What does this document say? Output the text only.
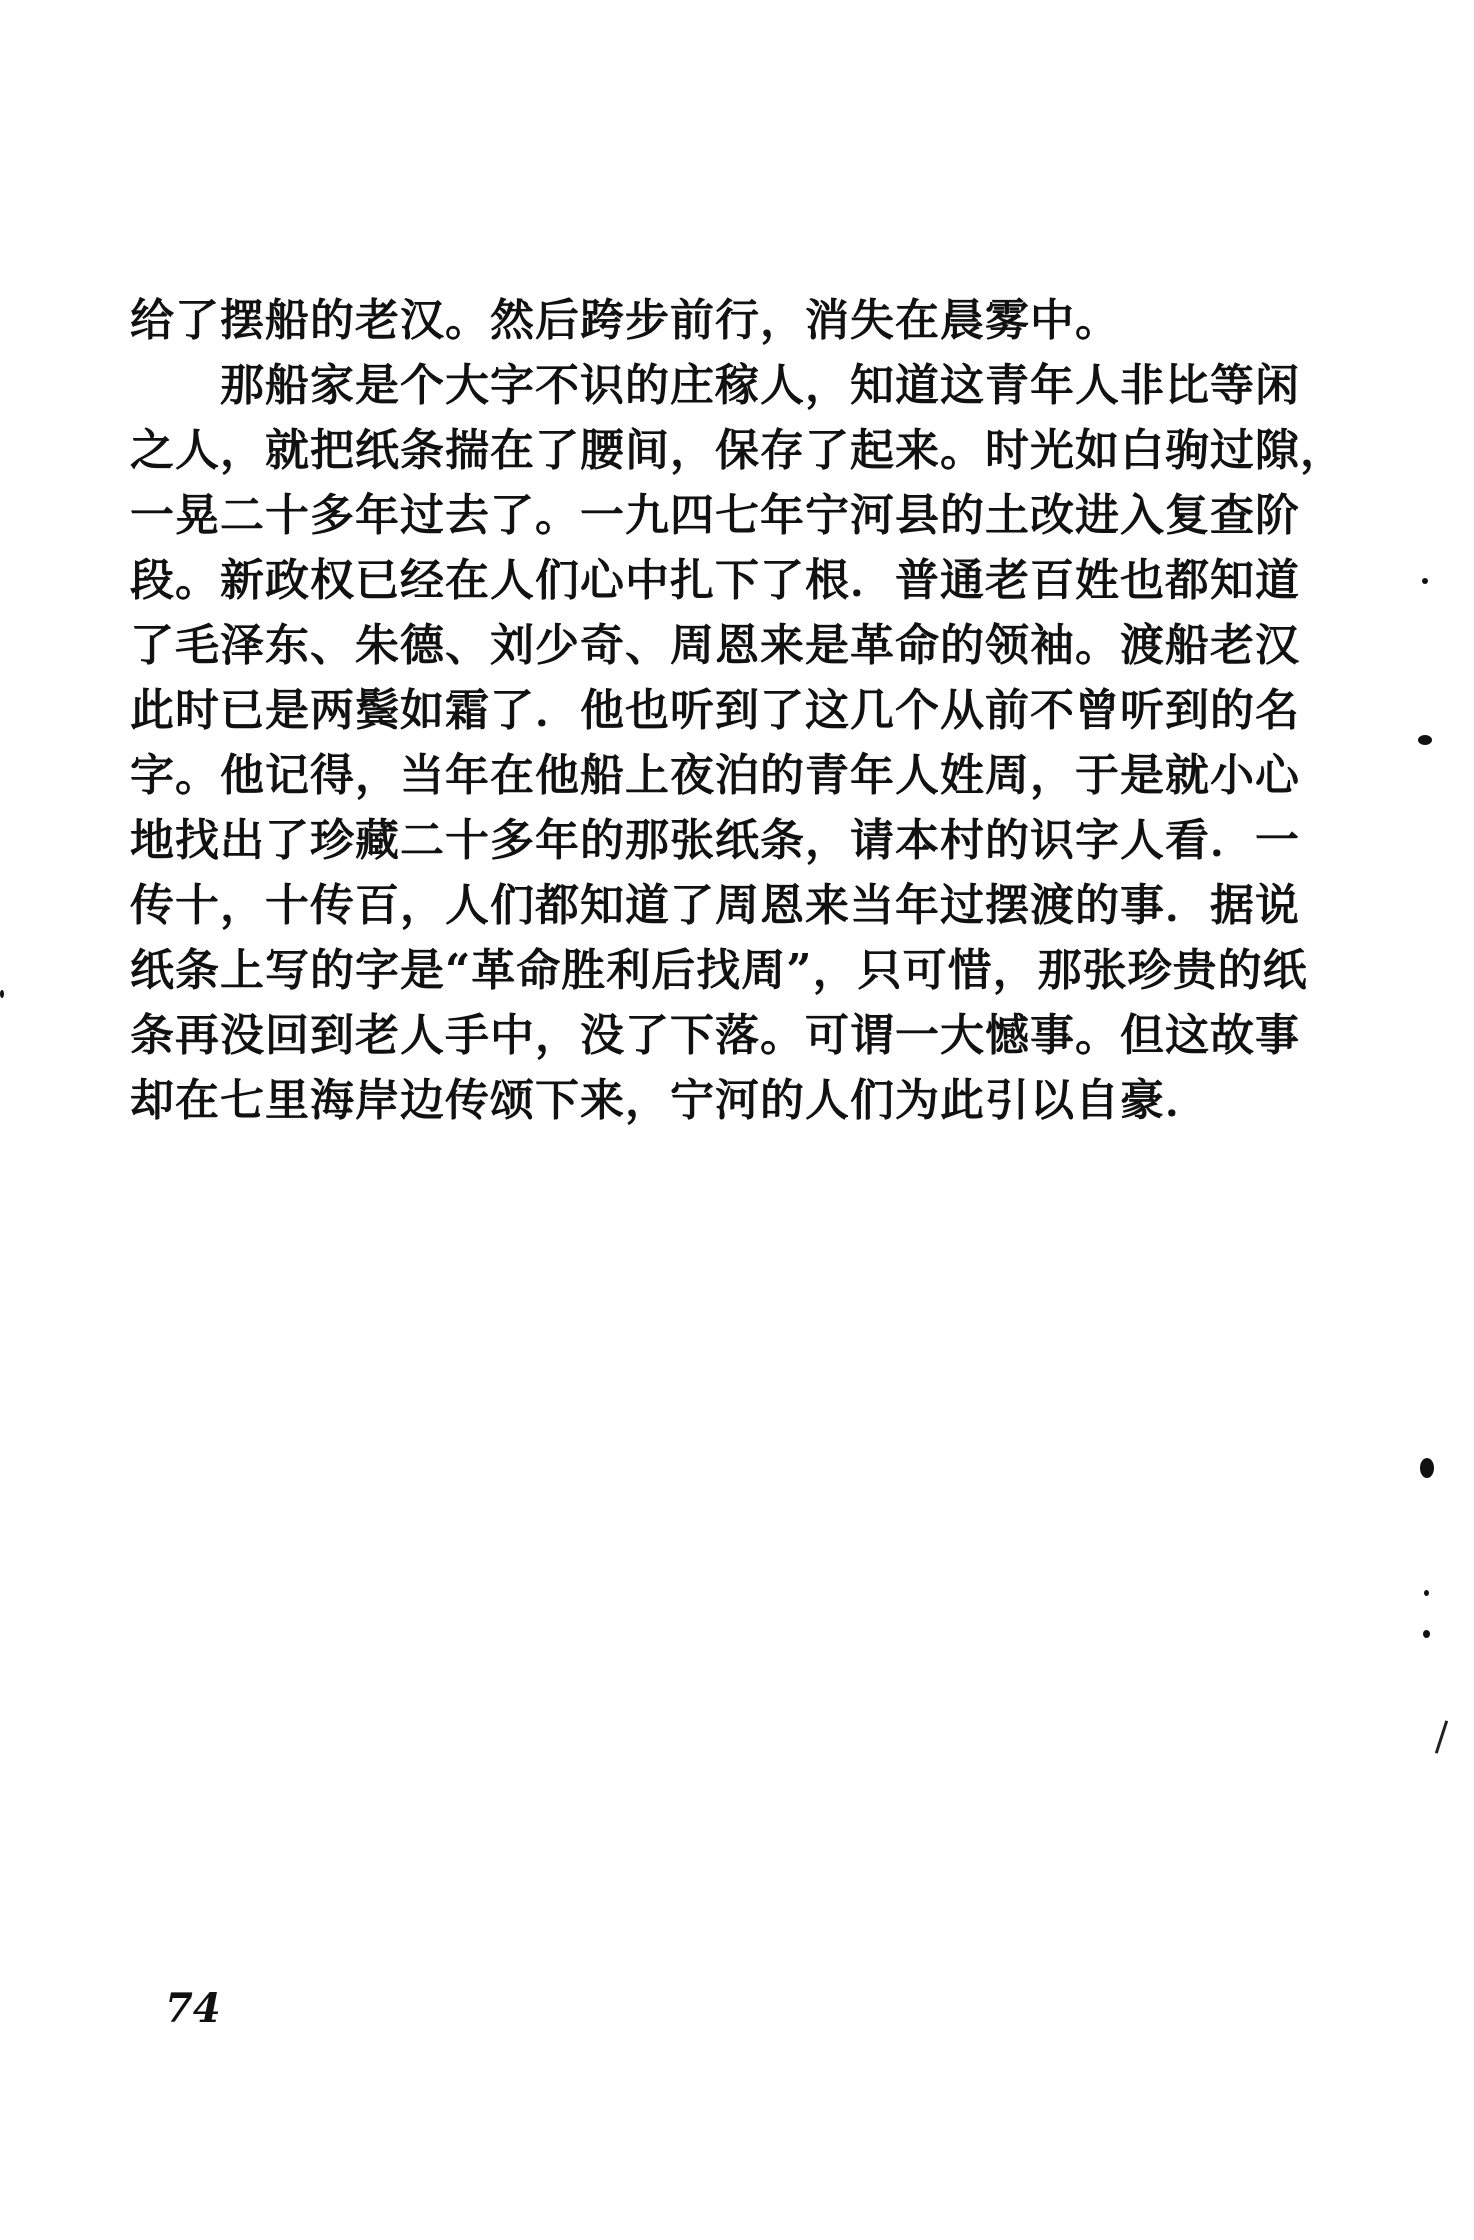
给了摆船的老汉。然后跨步前行，消失在晨雾中。
　　那船家是个大字不识的庄稼人，知道这青年人非比等闲
之人，就把纸条揣在了腰间，保存了起来。时光如白驹过隙，
一晃二十多年过去了。一九四七年宁河县的土改进入复查阶
段。新政权已经在人们心中扎下了根．普通老百姓也都知道
了毛泽东、朱德、刘少奇、周恩来是革命的领袖。渡船老汉
此时已是两鬓如霜了．他也听到了这几个从前不曾听到的名
字。他记得，当年在他船上夜泊的青年人姓周，于是就小心
地找出了珍藏二十多年的那张纸条，请本村的识字人看．一
传十，十传百，人们都知道了周恩来当年过摆渡的事．据说
纸条上写的字是“革命胜利后找周”，只可惜，那张珍贵的纸
条再没回到老人手中，没了下落。可谓一大憾事。但这故事
却在七里海岸边传颂下来，宁河的人们为此引以自豪．
74
